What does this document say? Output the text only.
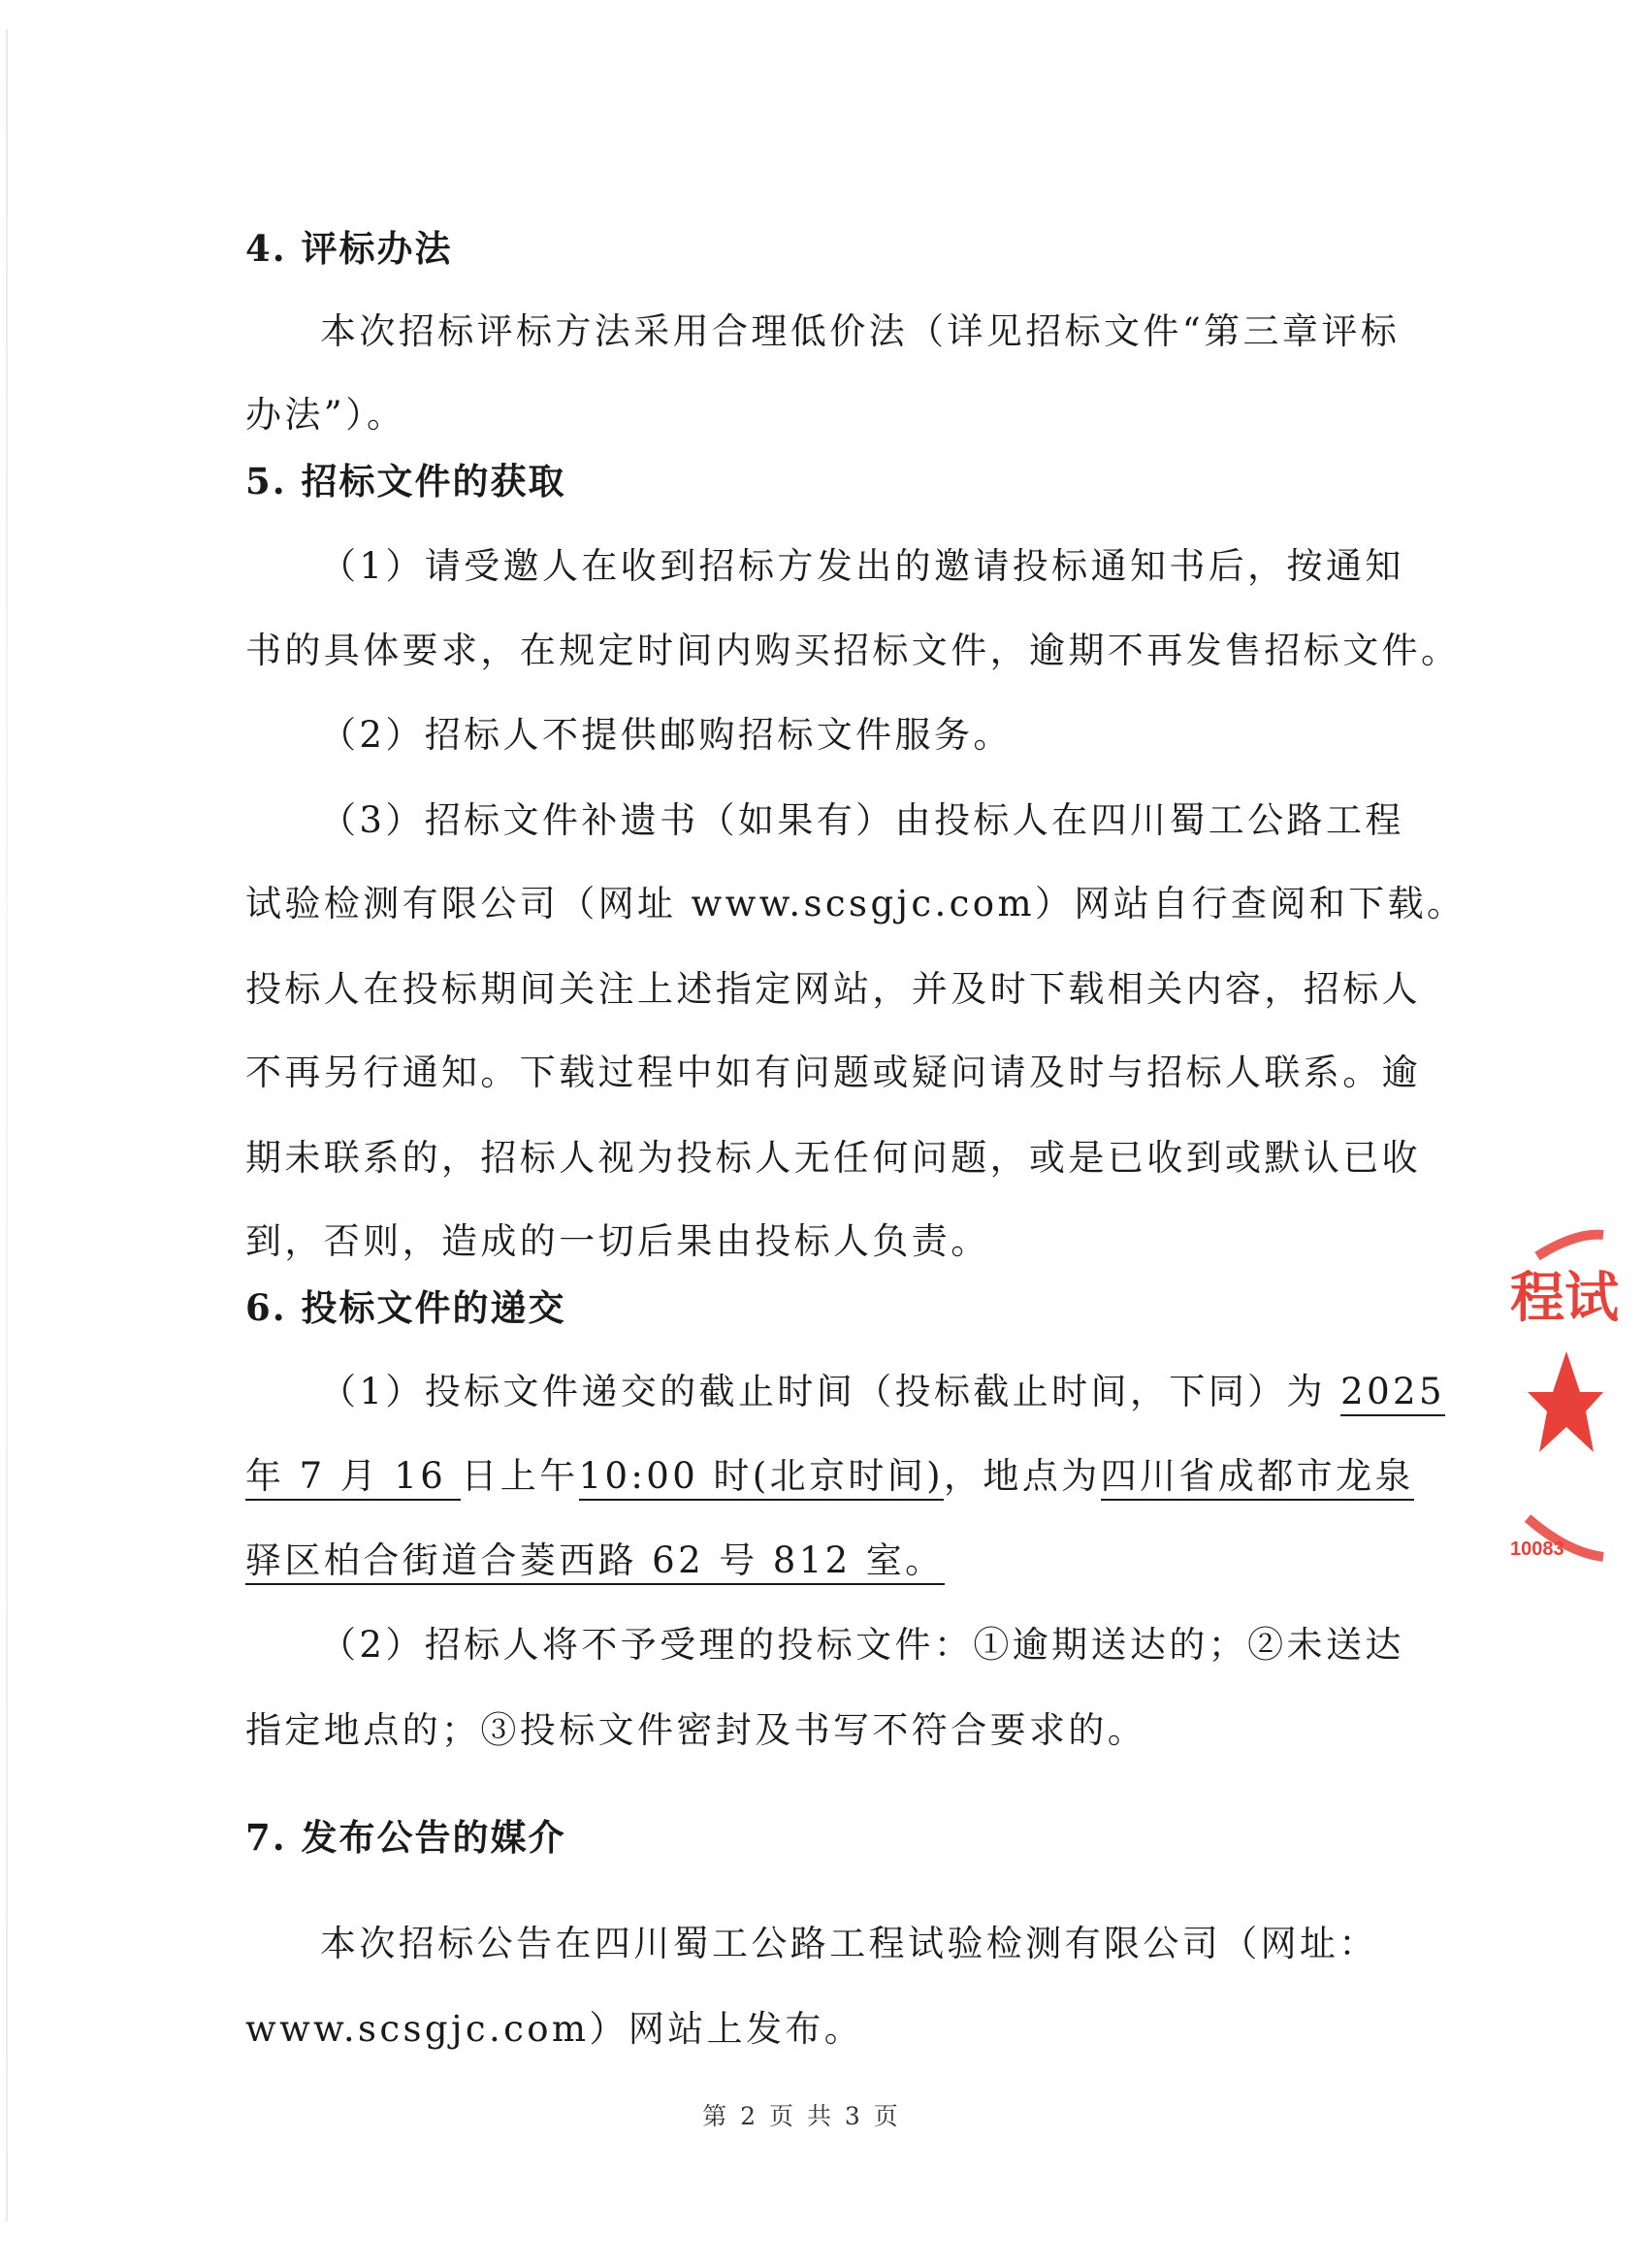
4. 评标办法
本次招标评标方法采用合理低价法（详见招标文件“第三章评标
办法”）。
5. 招标文件的获取
（1）请受邀人在收到招标方发出的邀请投标通知书后，按通知
书的具体要求，在规定时间内购买招标文件，逾期不再发售招标文件。
（2）招标人不提供邮购招标文件服务。
（3）招标文件补遗书（如果有）由投标人在四川蜀工公路工程
试验检测有限公司（网址 www.scsgjc.com）网站自行查阅和下载。
投标人在投标期间关注上述指定网站，并及时下载相关内容，招标人
不再另行通知。下载过程中如有问题或疑问请及时与招标人联系。逾
期未联系的，招标人视为投标人无任何问题，或是已收到或默认已收
到，否则，造成的一切后果由投标人负责。
6. 投标文件的递交
（1）投标文件递交的截止时间（投标截止时间，下同）为 2025
年 7 月 16 日上午10:00 时(北京时间)，地点为四川省成都市龙泉
驿区柏合街道合菱西路 62 号 812 室。
（2）招标人将不予受理的投标文件：①逾期送达的；②未送达
指定地点的；③投标文件密封及书写不符合要求的。
7. 发布公告的媒介
本次招标公告在四川蜀工公路工程试验检测有限公司（网址：
www.scsgjc.com）网站上发布。
第 2 页 共 3 页
程试
10083
